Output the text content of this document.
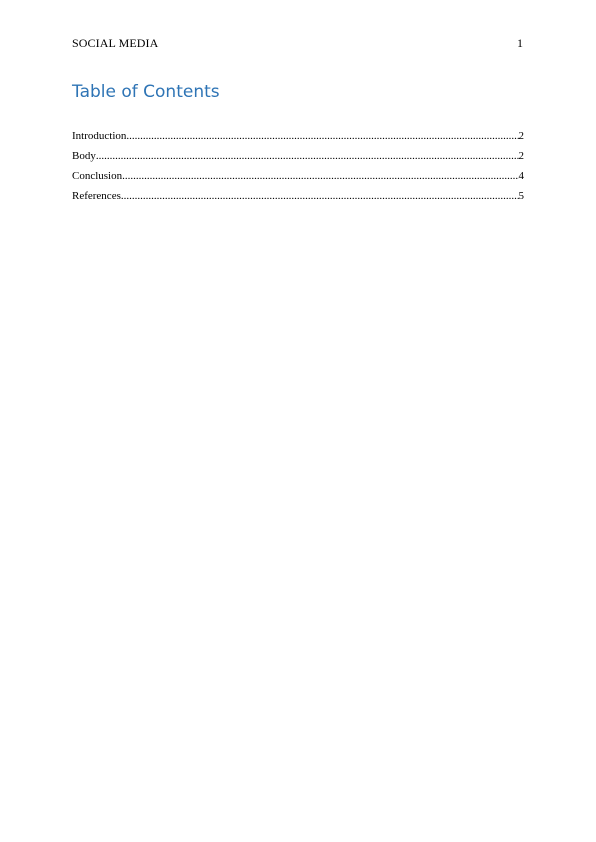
SOCIAL MEDIA	1
Table of Contents
Introduction .....	2
Body .....	2
Conclusion .....	4
References .....	5
